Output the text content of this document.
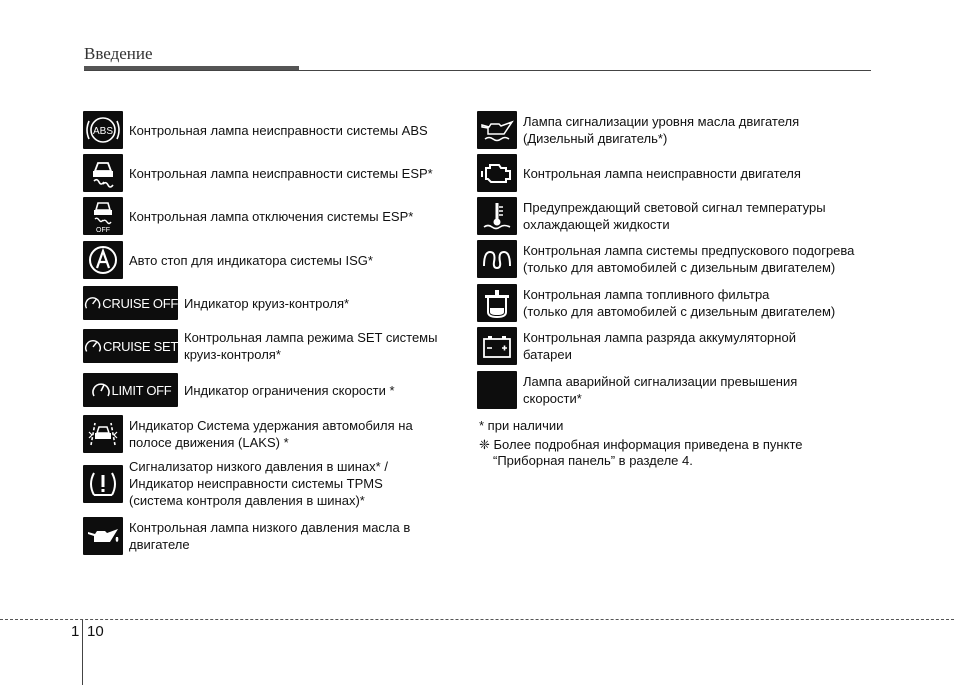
Введение
ABS Контрольная лампа неисправности системы ABS
Контрольная лампа неисправности системы ESP*
OFF
Контрольная лампа отключения системы ESP*
Авто стоп для индикатора системы ISG*
CRUISE OFF Индикатор круиз-контроля*
CRUISE SET
Контрольная лампа режима SET системы
круиз-контроля*
LIMIT OFF Индикатор ограничения скорости *
Индикатор Система удержания автомобиля на
полосе движения (LAKS) *
Сигнализатор низкого давления в шинах* /
Индикатор неисправности системы TPMS
(система контроля давления в шинах)*
Контрольная лампа низкого давления масла в
двигателе
Лампа сигнализации уровня масла двигателя
(Дизельный двигатель*)
Контрольная лампа неисправности двигателя
Предупреждающий световой сигнал температуры
охлаждающей жидкости
Контрольная лампа системы предпускового подогрева
(только для автомобилей с дизельным двигателем)
Контрольная лампа топливного фильтра
(только для автомобилей с дизельным двигателем)
Контрольная лампа разряда аккумуляторной
батареи
Лампа аварийной сигнализации превышения
скорости*
* при наличии
❈ Более подробная информация приведена в пункте
“Приборная панель” в разделе 4.
1 10
